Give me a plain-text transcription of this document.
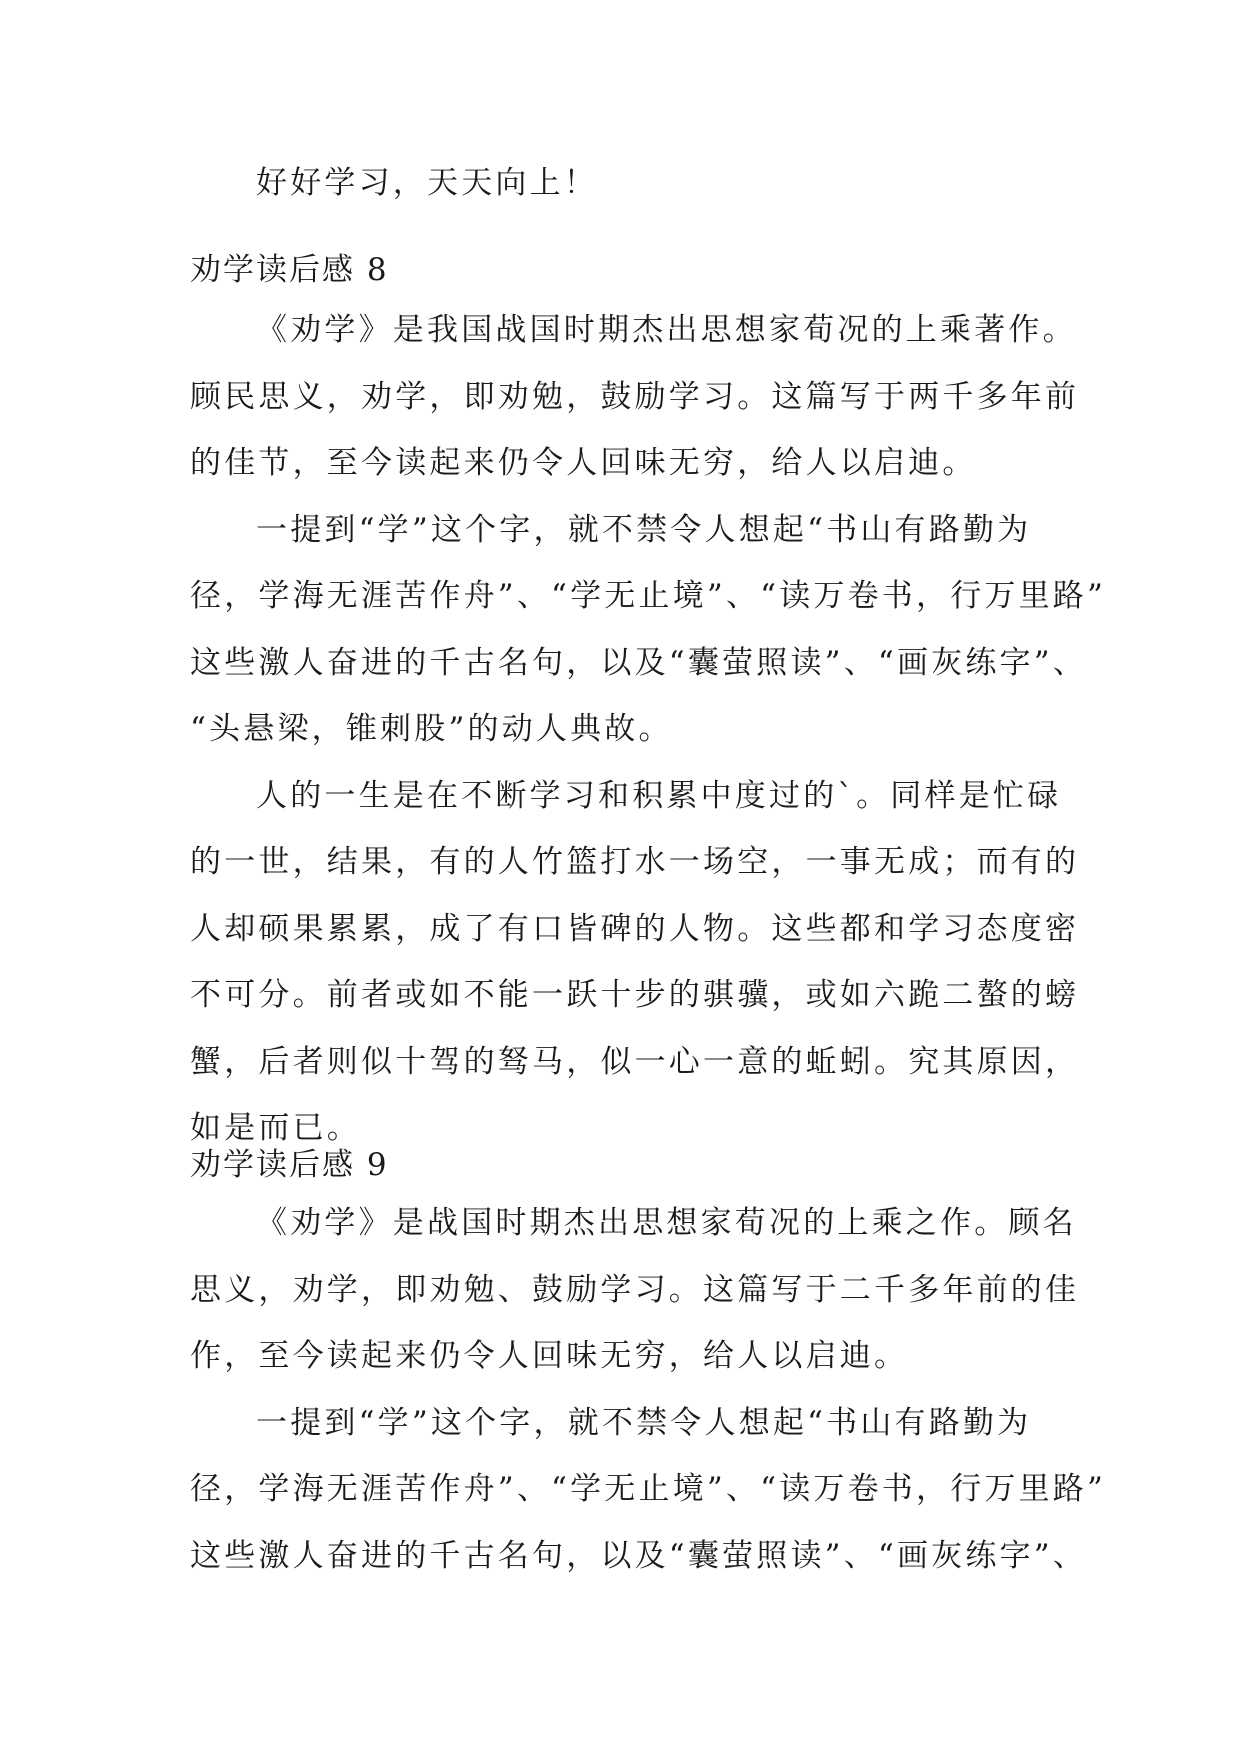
好好学习，天天向上！
劝学读后感 8
《劝学》是我国战国时期杰出思想家荀况的上乘著作。
顾民思义，劝学，即劝勉，鼓励学习。这篇写于两千多年前
的佳节，至今读起来仍令人回味无穷，给人以启迪。
一提到“学”这个字，就不禁令人想起“书山有路勤为
径，学海无涯苦作舟”、“学无止境”、“读万卷书，行万里路”
这些激人奋进的千古名句，以及“囊萤照读”、“画灰练字”、
“头悬梁，锥刺股”的动人典故。
人的一生是在不断学习和积累中度过的`。同样是忙碌
的一世，结果，有的人竹篮打水一场空，一事无成；而有的
人却硕果累累，成了有口皆碑的人物。这些都和学习态度密
不可分。前者或如不能一跃十步的骐骥，或如六跪二螯的螃
蟹，后者则似十驾的驽马，似一心一意的蚯蚓。究其原因，
如是而已。
劝学读后感 9
《劝学》是战国时期杰出思想家荀况的上乘之作。顾名
思义，劝学，即劝勉、鼓励学习。这篇写于二千多年前的佳
作，至今读起来仍令人回味无穷，给人以启迪。
一提到“学”这个字，就不禁令人想起“书山有路勤为
径，学海无涯苦作舟”、“学无止境”、“读万卷书，行万里路”
这些激人奋进的千古名句，以及“囊萤照读”、“画灰练字”、
